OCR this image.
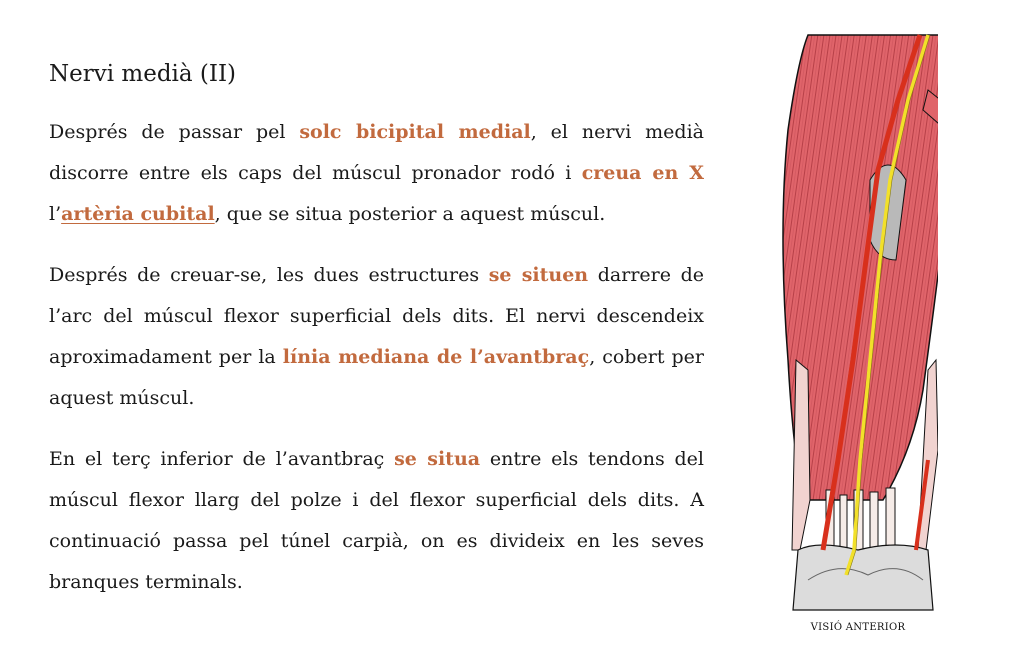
Nervi medià (II)

Després de passar pel solc bicipital medial, el nervi medià discorre entre els caps del múscul pronador rodó i creua en X l’artèria cubital, que se situa posterior a aquest múscul.

Després de creuar-se, les dues estructures se situen darrere de l’arc del múscul flexor superficial dels dits. El nervi descendeix aproximadament per la línia mediana de l’avantbraç, cobert per aquest múscul.

En el terç inferior de l’avantbraç se situa entre els tendons del múscul flexor llarg del polze i del flexor superficial dels dits. A continuació passa pel túnel carpià, on es divideix en les seves branques terminals.

VISIÓ ANTERIOR
